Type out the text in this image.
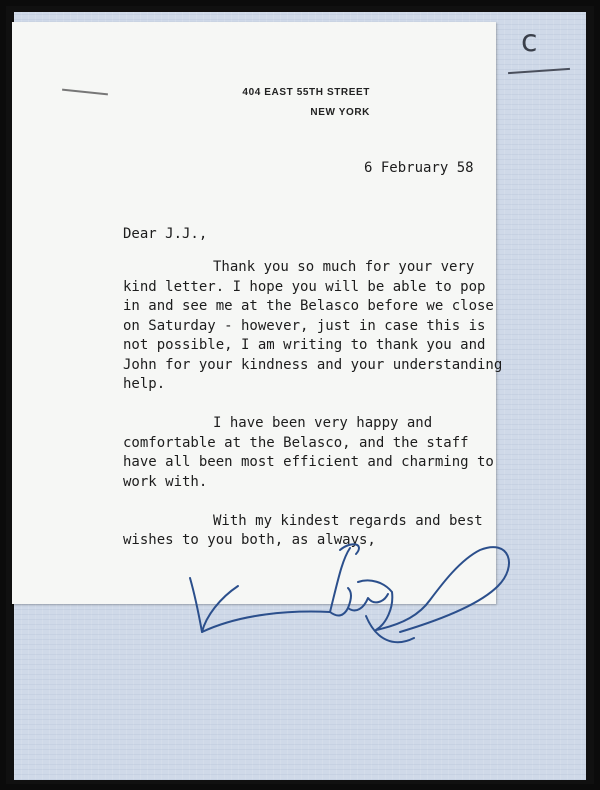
c
404 EAST 55TH STREET
NEW YORK
6 February 58
Dear J.J.,

Thank you so much for your very kind letter. I hope you will be able to pop in and see me at the Belasco before we close on Saturday - however, just in case this is not possible, I am writing to thank you and John for your kindness and your understanding help.

I have been very happy and comfortable at the Belasco, and the staff have all been most efficient and charming to work with.

With my kindest regards and best wishes to you both, as always,
